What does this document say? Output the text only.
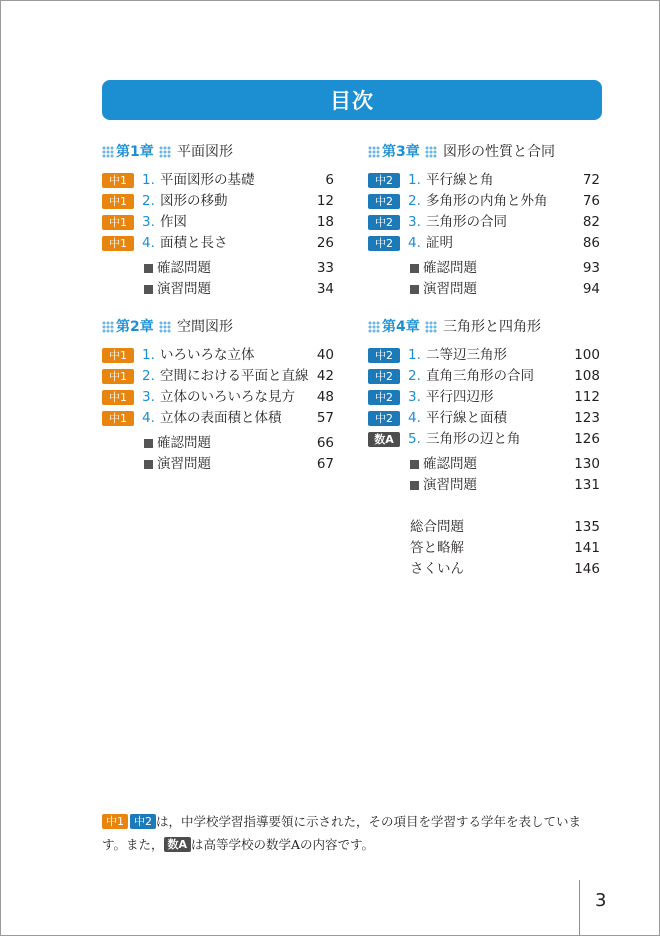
目次
第1章 平面図形
中1	1. 平面図形の基礎	6
中1	2. 図形の移動	12
中1	3. 作図	18
中1	4. 面積と長さ	26
確認問題	33
演習問題	34
第2章 空間図形
中1	1. いろいろな立体	40
中1	2. 空間における平面と直線 42
中1	3. 立体のいろいろな見方 48
中1	4. 立体の表面積と体積	57
確認問題	66
演習問題	67
第3章 図形の性質と合同
中2	1. 平行線と角	72
中2	2. 多角形の内角と外角	76
中2	3. 三角形の合同	82
中2	4. 証明	86
確認問題	93
演習問題	94
第4章 三角形と四角形
中2	1. 二等辺三角形	100
中2	2. 直角三角形の合同	108
中2	3. 平行四辺形	112
中2	4. 平行線と面積	123
数A	5. 三角形の辺と角	126
確認問題	130
演習問題	131
総合問題	135
答と略解	141
さくいん	146
中1 中2 は，中学校学習指導要領に示された，その項目を学習する学年を表しています。また， 数A は高等学校の数学Aの内容です。
3
